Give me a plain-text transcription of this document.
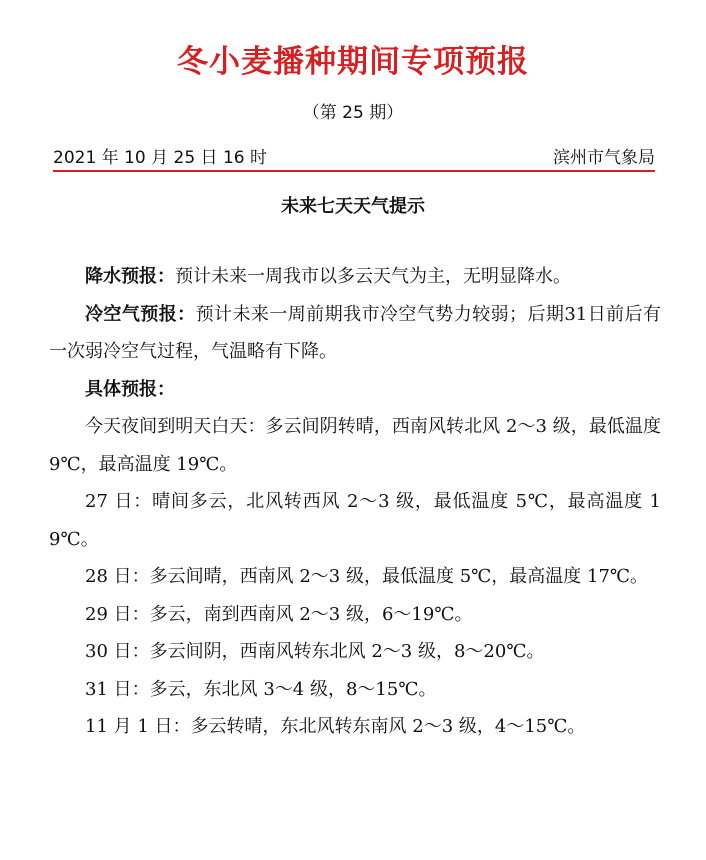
冬小麦播种期间专项预报
（第 25 期）
2021 年 10 月 25 日 16 时	滨州市气象局
未来七天天气提示

降水预报：预计未来一周我市以多云天气为主，无明显降水。

冷空气预报：预计未来一周前期我市冷空气势力较弱；后期31日前后有一次弱冷空气过程，气温略有下降。

具体预报：

今天夜间到明天白天：多云间阴转晴，西南风转北风 2～3 级，最低温度 9℃，最高温度 19℃。

27 日：晴间多云，北风转西风 2～3 级，最低温度 5℃，最高温度 19℃。

28 日：多云间晴，西南风 2～3 级，最低温度 5℃，最高温度 17℃。

29 日：多云，南到西南风 2～3 级，6～19℃。

30 日：多云间阴，西南风转东北风 2～3 级，8～20℃。

31 日：多云，东北风 3～4 级，8～15℃。

11 月 1 日：多云转晴，东北风转东南风 2～3 级，4～15℃。
